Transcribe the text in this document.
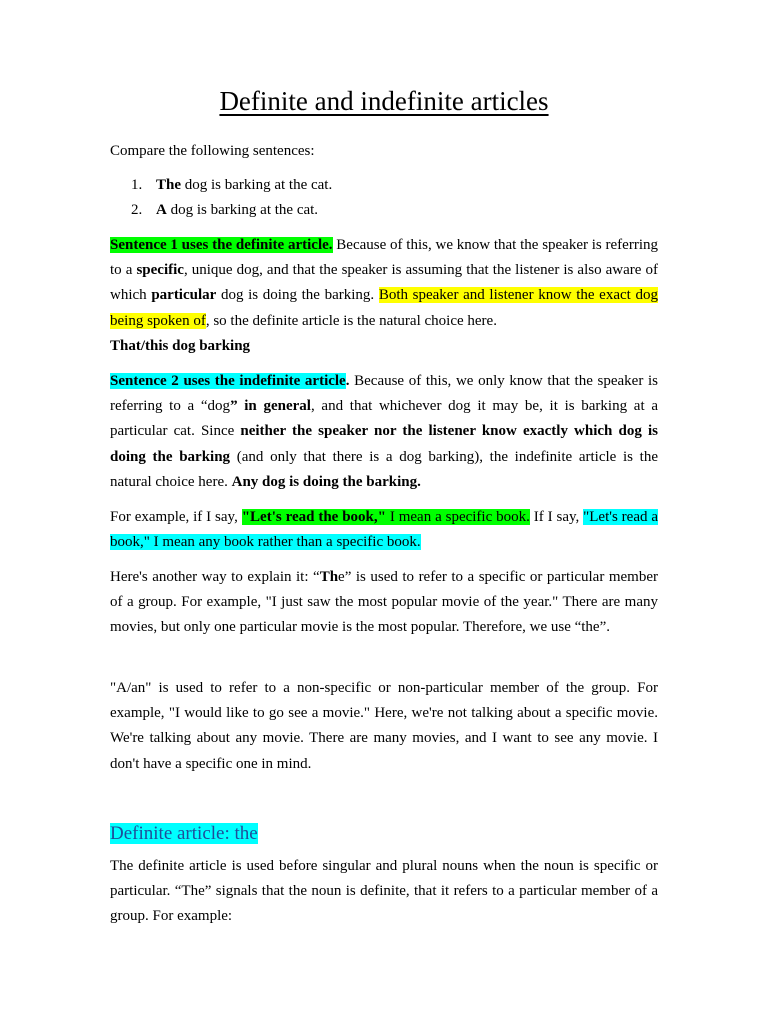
Definite and indefinite articles

Compare the following sentences:

1. The dog is barking at the cat.
2. A dog is barking at the cat.

Sentence 1 uses the definite article. Because of this, we know that the speaker is referring to a specific, unique dog, and that the speaker is assuming that the listener is also aware of which particular dog is doing the barking. Both speaker and listener know the exact dog being spoken of, so the definite article is the natural choice here.

That/this dog barking

Sentence 2 uses the indefinite article. Because of this, we only know that the speaker is referring to a “dog” in general, and that whichever dog it may be, it is barking at a particular cat. Since neither the speaker nor the listener know exactly which dog is doing the barking (and only that there is a dog barking), the indefinite article is the natural choice here. Any dog is doing the barking.

For example, if I say, "Let's read the book," I mean a specific book. If I say, "Let's read a book," I mean any book rather than a specific book.

Here's another way to explain it: “The” is used to refer to a specific or particular member of a group. For example, "I just saw the most popular movie of the year." There are many movies, but only one particular movie is the most popular. Therefore, we use “the”.

"A/an" is used to refer to a non-specific or non-particular member of the group. For example, "I would like to go see a movie." Here, we're not talking about a specific movie. We're talking about any movie. There are many movies, and I want to see any movie. I don't have a specific one in mind.

Definite article: the

The definite article is used before singular and plural nouns when the noun is specific or particular. “The” signals that the noun is definite, that it refers to a particular member of a group. For example:
